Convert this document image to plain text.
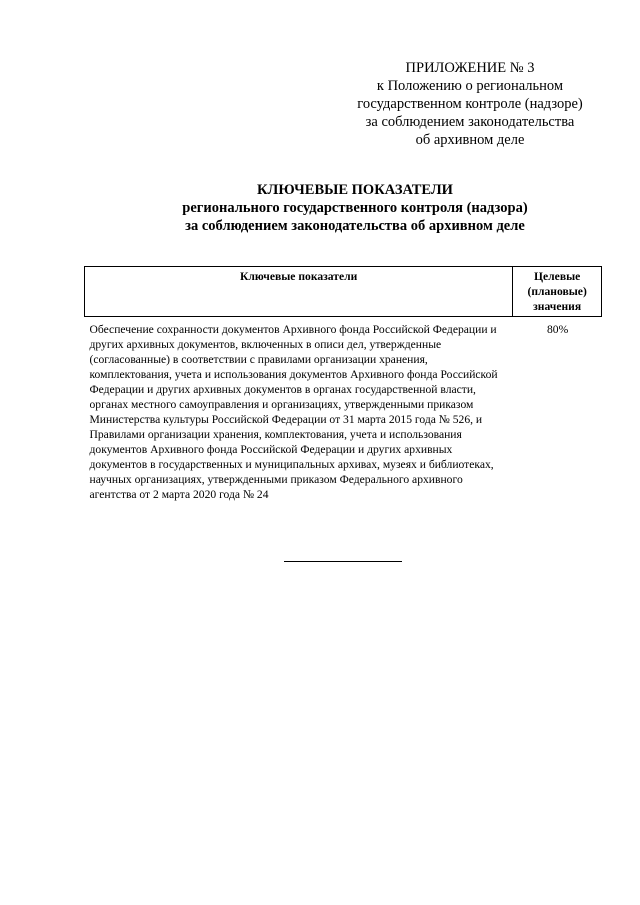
ПРИЛОЖЕНИЕ № 3
к Положению о региональном
государственном контроле (надзоре)
за соблюдением законодательства
об архивном деле
КЛЮЧЕВЫЕ ПОКАЗАТЕЛИ
регионального государственного контроля (надзора)
за соблюдением законодательства об архивном деле
Ключевые показатели	Целевые
(плановые)
значения

Обеспечение сохранности документов Архивного фонда Российской Федерации и других архивных документов, включенных в описи дел, утвержденные (согласованные) в соответствии с правилами организации хранения, комплектования, учета и использования документов Архивного фонда Российской Федерации и других архивных документов в органах государственной власти, органах местного самоуправления и организациях, утвержденными приказом Министерства культуры Российской Федерации от 31 марта 2015 года № 526, и Правилами организации хранения, комплектования, учета и использования документов Архивного фонда Российской Федерации и других архивных документов в государственных и муниципальных архивах, музеях и библиотеках, научных организациях, утвержденными приказом Федерального архивного агентства от 2 марта 2020 года № 24	80%
